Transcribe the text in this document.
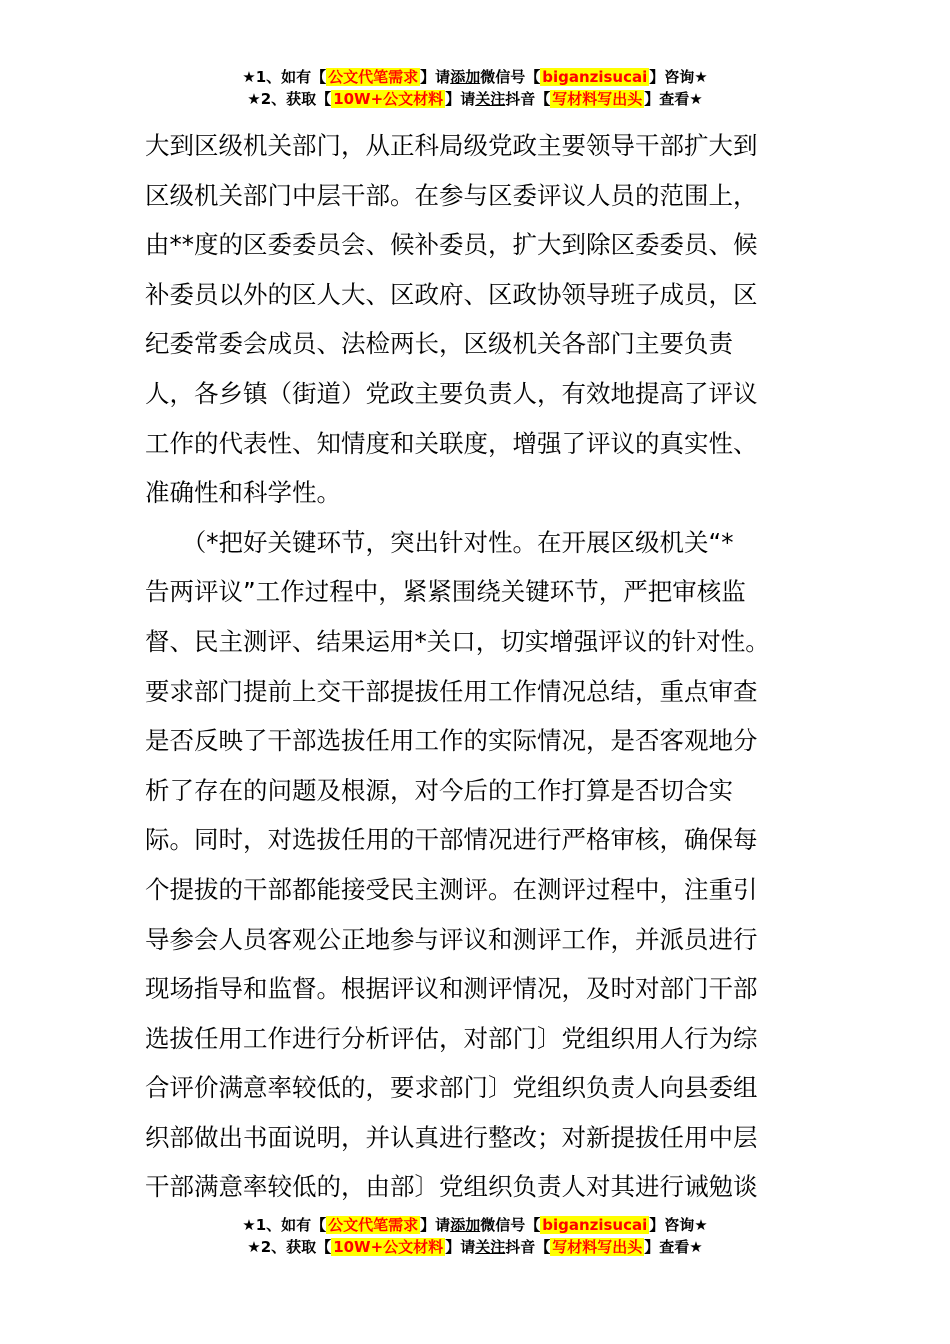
★1、如有【 公文代笔需求 】请添加微信号【 biganzisucai 】咨询★
★2、获取【 10W+公文材料 】请关注抖音【 写材料写出头 】查看★

大到区级机关部门，从正科局级党政主要领导干部扩大到
区级机关部门中层干部。在参与区委评议人员的范围上，
由**度的区委委员会、候补委员，扩大到除区委委员、候
补委员以外的区人大、区政府、区政协领导班子成员，区
纪委常委会成员、法检两长，区级机关各部门主要负责
人，各乡镇（街道）党政主要负责人，有效地提高了评议
工作的代表性、知情度和关联度，增强了评议的真实性、
准确性和科学性。

　　（*把好关键环节，突出针对性。在开展区级机关“*
告两评议”工作过程中，紧紧围绕关键环节，严把审核监
督、民主测评、结果运用*关口，切实增强评议的针对性。
要求部门提前上交干部提拔任用工作情况总结，重点审查
是否反映了干部选拔任用工作的实际情况，是否客观地分
析了存在的问题及根源，对今后的工作打算是否切合实
际。同时，对选拔任用的干部情况进行严格审核，确保每
个提拔的干部都能接受民主测评。在测评过程中，注重引
导参会人员客观公正地参与评议和测评工作，并派员进行
现场指导和监督。根据评议和测评情况，及时对部门干部
选拔任用工作进行分析评估，对部门〕党组织用人行为综
合评价满意率较低的，要求部门〕党组织负责人向县委组
织部做出书面说明，并认真进行整改；对新提拔任用中层
干部满意率较低的，由部〕党组织负责人对其进行诫勉谈

★1、如有【 公文代笔需求 】请添加微信号【 biganzisucai 】咨询★
★2、获取【 10W+公文材料 】请关注抖音【 写材料写出头 】查看★
